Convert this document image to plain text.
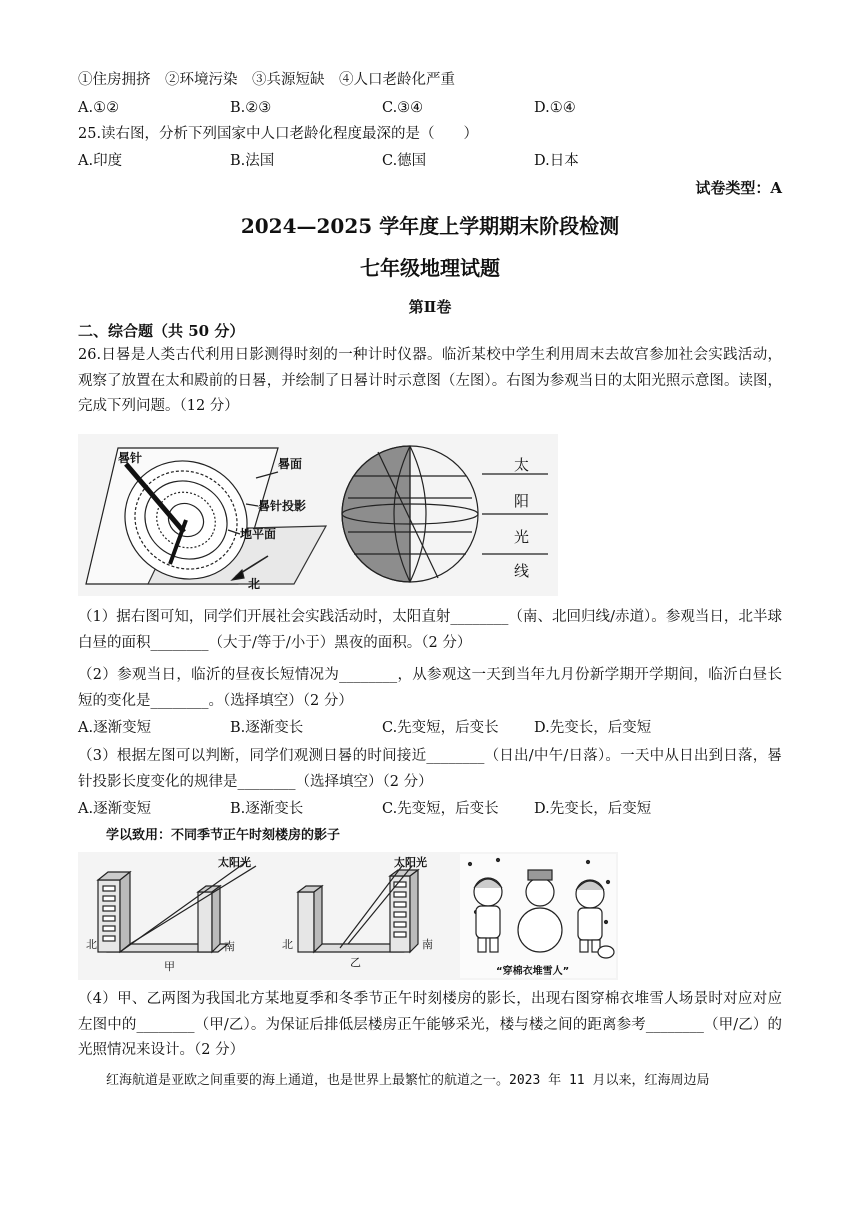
①住房拥挤　②环境污染　③兵源短缺　④人口老龄化严重
A.①②	B.②③	C.③④	D.①④
25.读右图，分析下列国家中人口老龄化程度最深的是（　　）
A.印度	B.法国	C.德国	D.日本
试卷类型：A
2024—2025 学年度上学期期末阶段检测
七年级地理试题
第Ⅱ卷
二、综合题（共 50 分）
26.日晷是人类古代利用日影测得时刻的一种计时仪器。临沂某校中学生利用周末去故宫参加社会实践活动，观察了放置在太和殿前的日晷，并绘制了日晷计时示意图（左图）。右图为参观当日的太阳光照示意图。读图，完成下列问题。（12 分）
晷针	晷面
晷针投影
地平面
北
太
阳
光
线
（1）据右图可知，同学们开展社会实践活动时，太阳直射________（南、北回归线/赤道）。参观当日，北半球白昼的面积________（大于/等于/小于）黑夜的面积。（2 分）
（2）参观当日，临沂的昼夜长短情况为________，从参观这一天到当年九月份新学期开学期间，临沂白昼长短的变化是________。（选择填空）（2 分）
A.逐渐变短	B.逐渐变长	C.先变短，后变长 D.先变长，后变短
（3）根据左图可以判断，同学们观测日晷的时间接近________（日出/中午/日落）。一天中从日出到日落，晷针投影长度变化的规律是________（选择填空）（2 分）
A.逐渐变短	B.逐渐变长	C.先变短，后变长 D.先变长，后变短
学以致用：不同季节正午时刻楼房的影子
太阳光
北	南
甲
太阳光
北	南
乙
“穿棉衣堆雪人”
（4）甲、乙两图为我国北方某地夏季和冬季节正午时刻楼房的影长，出现右图穿棉衣堆雪人场景时对应对应左图中的________（甲/乙）。为保证后排低层楼房正午能够采光，楼与楼之间的距离参考________（甲/乙）的光照情况来设计。（2 分）
红海航道是亚欧之间重要的海上通道，也是世界上最繁忙的航道之一。2023 年 11 月以来，红海周边局
